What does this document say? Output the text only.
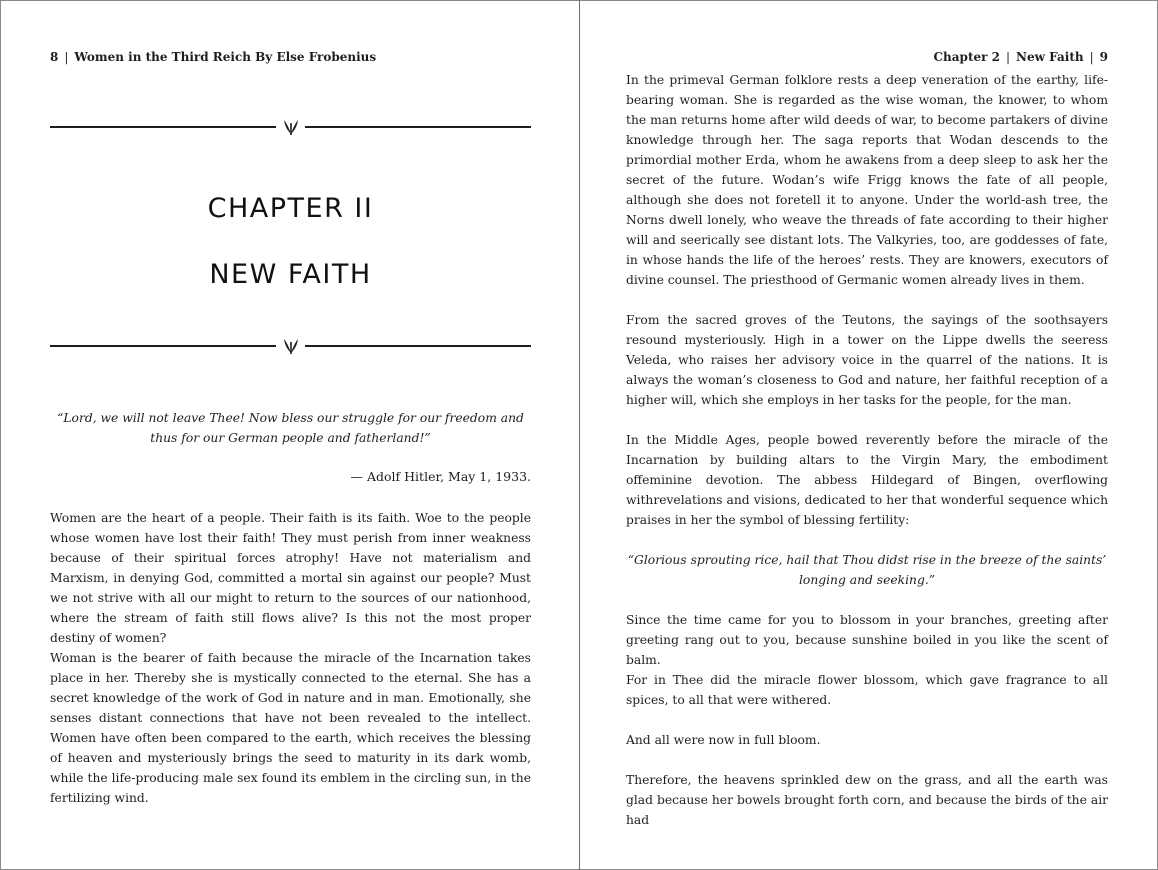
8 | Women in the Third Reich By Else Frobenius
CHAPTER II
NEW FAITH
“Lord, we will not leave Thee! Now bless our struggle for our freedom and thus for our German people and fatherland!”
— Adolf Hitler, May 1, 1933.

Women are the heart of a people. Their faith is its faith. Woe to the people whose women have lost their faith! They must perish from inner weakness because of their spiritual forces atrophy! Have not materialism and Marxism, in denying God, committed a mortal sin against our people? Must we not strive with all our might to return to the sources of our nationhood, where the stream of faith still flows alive? Is this not the most proper destiny of women?

Woman is the bearer of faith because the miracle of the Incarnation takes place in her. Thereby she is mystically connected to the eternal. She has a secret knowledge of the work of God in nature and in man. Emotionally, she senses distant connections that have not been revealed to the intellect. Women have often been compared to the earth, which receives the blessing of heaven and mysteriously brings the seed to maturity in its dark womb, while the life-producing male sex found its emblem in the circling sun, in the fertilizing wind.

Chapter 2 | New Faith | 9

In the primeval German folklore rests a deep veneration of the earthy, life-bearing woman. She is regarded as the wise woman, the knower, to whom the man returns home after wild deeds of war, to become partakers of divine knowledge through her. The saga reports that Wodan descends to the primordial mother Erda, whom he awakens from a deep sleep to ask her the secret of the future. Wodan’s wife Frigg knows the fate of all people, although she does not foretell it to anyone. Under the world-ash tree, the Norns dwell lonely, who weave the threads of fate according to their higher will and seerically see distant lots. The Valkyries, too, are goddesses of fate, in whose hands the life of the heroes’ rests. They are knowers, executors of divine counsel. The priesthood of Germanic women already lives in them.

From the sacred groves of the Teutons, the sayings of the soothsayers resound mysteriously. High in a tower on the Lippe dwells the seeress Veleda, who raises her advisory voice in the quarrel of the nations. It is always the woman’s closeness to God and nature, her faithful reception of a higher will, which she employs in her tasks for the people, for the man.

In the Middle Ages, people bowed reverently before the miracle of the Incarnation by building altars to the Virgin Mary, the embodiment offeminine devotion. The abbess Hildegard of Bingen, overflowing withrevelations and visions, dedicated to her that wonderful sequence which praises in her the symbol of blessing fertility:

“Glorious sprouting rice, hail that Thou didst rise in the breeze of the saints’ longing and seeking.”

Since the time came for you to blossom in your branches, greeting after greeting rang out to you, because sunshine boiled in you like the scent of balm.

For in Thee did the miracle flower blossom, which gave fragrance to all spices, to all that were withered.

And all were now in full bloom.

Therefore, the heavens sprinkled dew on the grass, and all the earth was glad because her bowels brought forth corn, and because the birds of the air had
